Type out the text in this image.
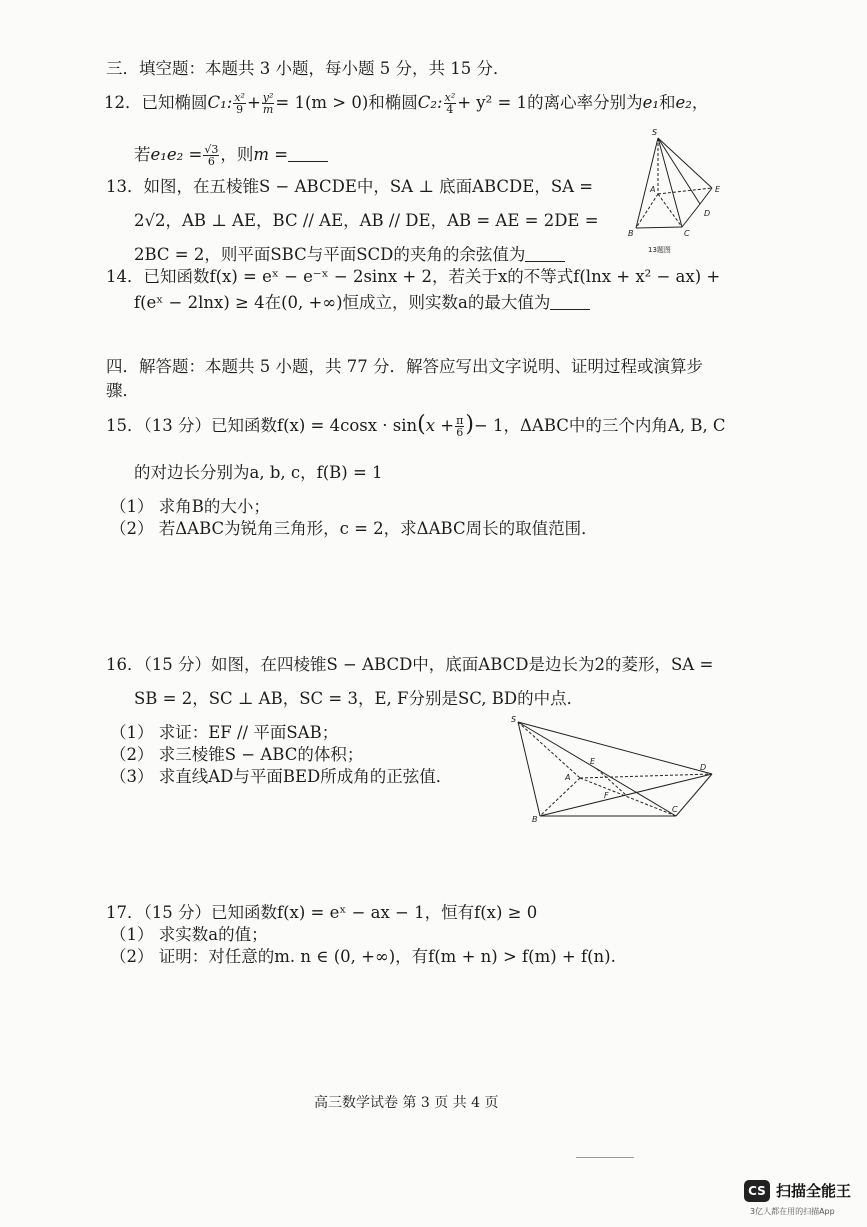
三．填空题：本题共 3 小题，每小题 5 分，共 15 分．
12．已知椭圆C₁: $\frac{\text{x²}}{9} + \frac{\text{y²}}{m} = 1(m > 0)$和椭圆C₂: $\frac{\text{x²}}{4} + y^2 = 1$的离心率分别为e₁和e₂，
若$e_1e_2 = \frac{√3}{6}$ ，则m =
13．如图，在五棱锥S − ABCDE中，SA ⊥ 底面ABCDE，SA =
2√2，AB ⊥ AE，BC // AE，AB // DE，AB = AE = 2DE =
2BC = 2，则平面SBC与平面SCD的夹角的余弦值为
S
A
B	C
D
E
13题图
14．已知函数f(x) = eˣ − e⁻ˣ − 2sinx + 2，若关于x的不等式f(lnx + x² − ax) +
f(eˣ − 2lnx) ≥ 4在(0, +∞)恒成立，则实数a的最大值为
四．解答题：本题共 5 小题，共 77 分．解答应写出文字说明、证明过程或演算步
骤．
15．（13 分）已知函数$f(x) = 4\cos x \cdot \sin(x + \frac{\pi}{6}$ )− 1，ΔABC中的三个内角A, B, C
的对边长分别为a, b, c，f(B) = 1
（1） 求角B的大小；
（2） 若ΔABC为锐角三角形，c = 2，求ΔABC周长的取值范围．
16．（15 分）如图，在四棱锥S − ABCD中，底面ABCD是边长为2的菱形，SA =
SB = 2，SC ⊥ AB，SC = 3，E, F分别是SC, BD的中点．
（1） 求证：EF // 平面SAB；
（2） 求三棱锥S − ABC的体积；
（3） 求直线AD与平面BED所成角的正弦值．
S
A
B
C
D
E
F
17．（15 分）已知函数f(x) = eˣ − ax − 1，恒有f(x) ≥ 0
（1） 求实数a的值；
（2） 证明：对任意的m. n ∈ (0, +∞)，有f(m + n) > f(m) + f(n).
高三数学试卷 第 3 页 共 4 页
CS 扫描全能王
3亿人都在用的扫描App
